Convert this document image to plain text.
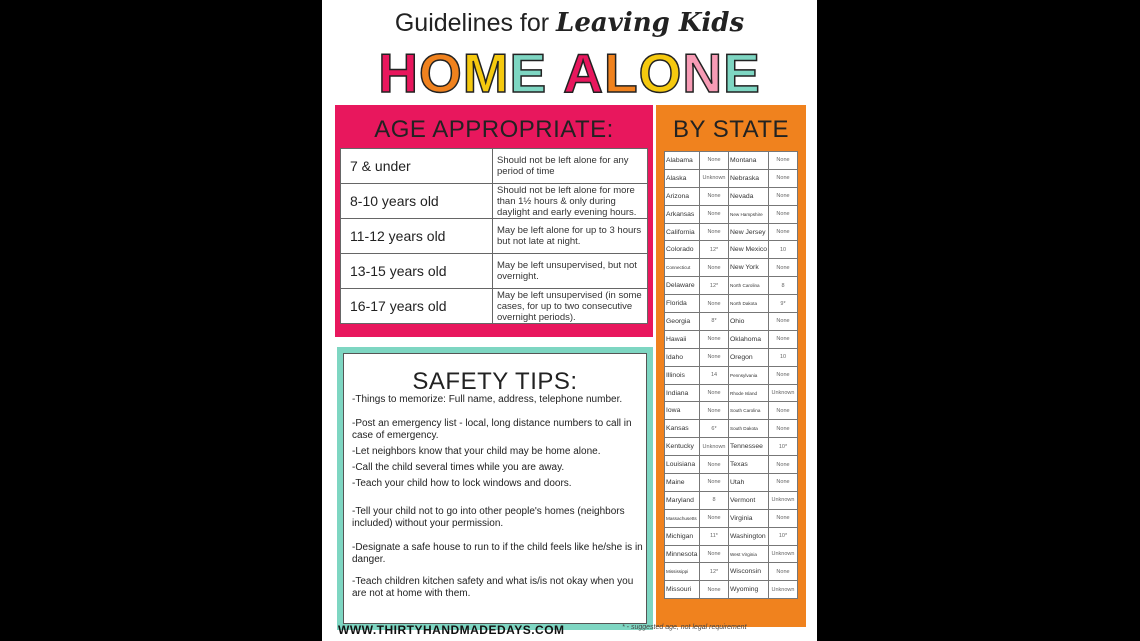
Guidelines for Leaving Kids
HOME ALONE
AGE APPROPRIATE:
7 & under	Should not be left alone for any period of time
8-10 years old	Should not be left alone for more than 1½ hours & only during daylight and early evening hours.
11-12 years old	May be left alone for up to 3 hours but not late at night.
13-15 years old	May be left unsupervised, but not overnight.
16-17 years old	May be left unsupervised (in some cases, for up to two consecutive overnight periods).
SAFETY TIPS:
-Things to memorize: Full name, address, telephone number.
-Post an emergency list - local, long distance numbers to call in case of emergency.
-Let neighbors know that your child may be home alone.
-Call the child several times while you are away.
-Teach your child how to lock windows and doors.
-Tell your child not to go into other people's homes (neighbors included) without your permission.
-Designate a safe house to run to if the child feels like he/she is in danger.
-Teach children kitchen safety and what is/is not okay when you are not at home with them.
BY STATE
Alabama	None	Montana	None
Alaska	Unknown	Nebraska	None
Arizona	None	Nevada	None
Arkansas	None	New Hampshire	None
California	None	New Jersey	None
Colorado	12*	New Mexico	10
Connecticut	None	New York	None
Delaware	12*	North Carolina	8
Florida	None	North Dakota	9*
Georgia	8*	Ohio	None
Hawaii	None	Oklahoma	None
Idaho	None	Oregon	10
Illinois	14	Pennsylvania	None
Indiana	None	Rhode Island	Unknown
Iowa	None	South Carolina	None
Kansas	6*	South Dakota	None
Kentucky	Unknown	Tennessee	10*
Louisiana	None	Texas	None
Maine	None	Utah	None
Maryland	8	Vermont	Unknown
Massachusetts	None	Virginia	None
Michigan	11*	Washington	10*
Minnesota	None	West Virginia	Unknown
Mississippi	12*	Wisconsin	None
Missouri	None	Wyoming	Unknown
WWW.THIRTYHANDMADEDAYS.COM	* - suggested age, not legal requirement
